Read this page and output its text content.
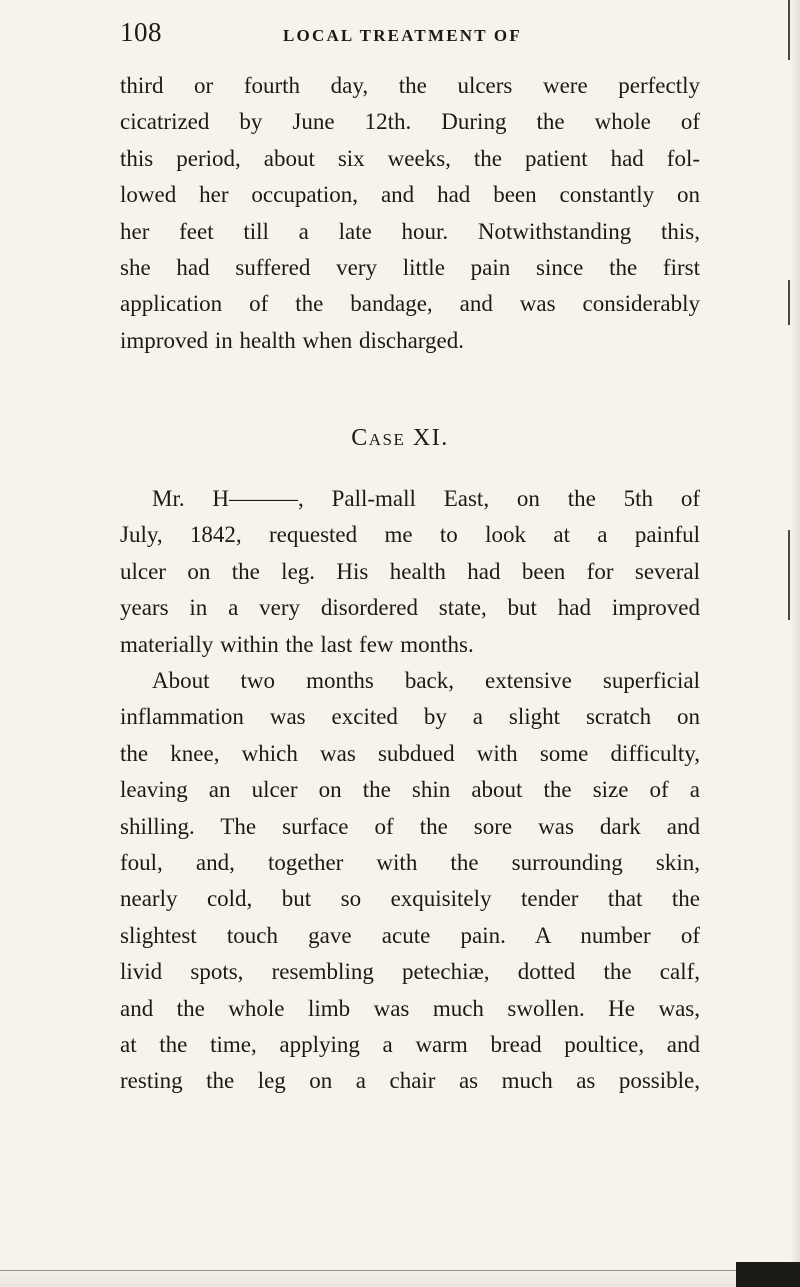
108	LOCAL TREATMENT OF
third or fourth day, the ulcers were perfectly
cicatrized by June 12th. During the whole of
this period, about six weeks, the patient had fol-
lowed her occupation, and had been constantly on
her feet till a late hour. Notwithstanding this,
she had suffered very little pain since the first
application of the bandage, and was considerably
improved in health when discharged.
Case XI.
Mr. H———, Pall-mall East, on the 5th of
July, 1842, requested me to look at a painful
ulcer on the leg. His health had been for several
years in a very disordered state, but had improved
materially within the last few months.
About two months back, extensive superficial
inflammation was excited by a slight scratch on
the knee, which was subdued with some difficulty,
leaving an ulcer on the shin about the size of a
shilling. The surface of the sore was dark and
foul, and, together with the surrounding skin,
nearly cold, but so exquisitely tender that the
slightest touch gave acute pain. A number of
livid spots, resembling petechiæ, dotted the calf,
and the whole limb was much swollen. He was,
at the time, applying a warm bread poultice, and
resting the leg on a chair as much as possible,
